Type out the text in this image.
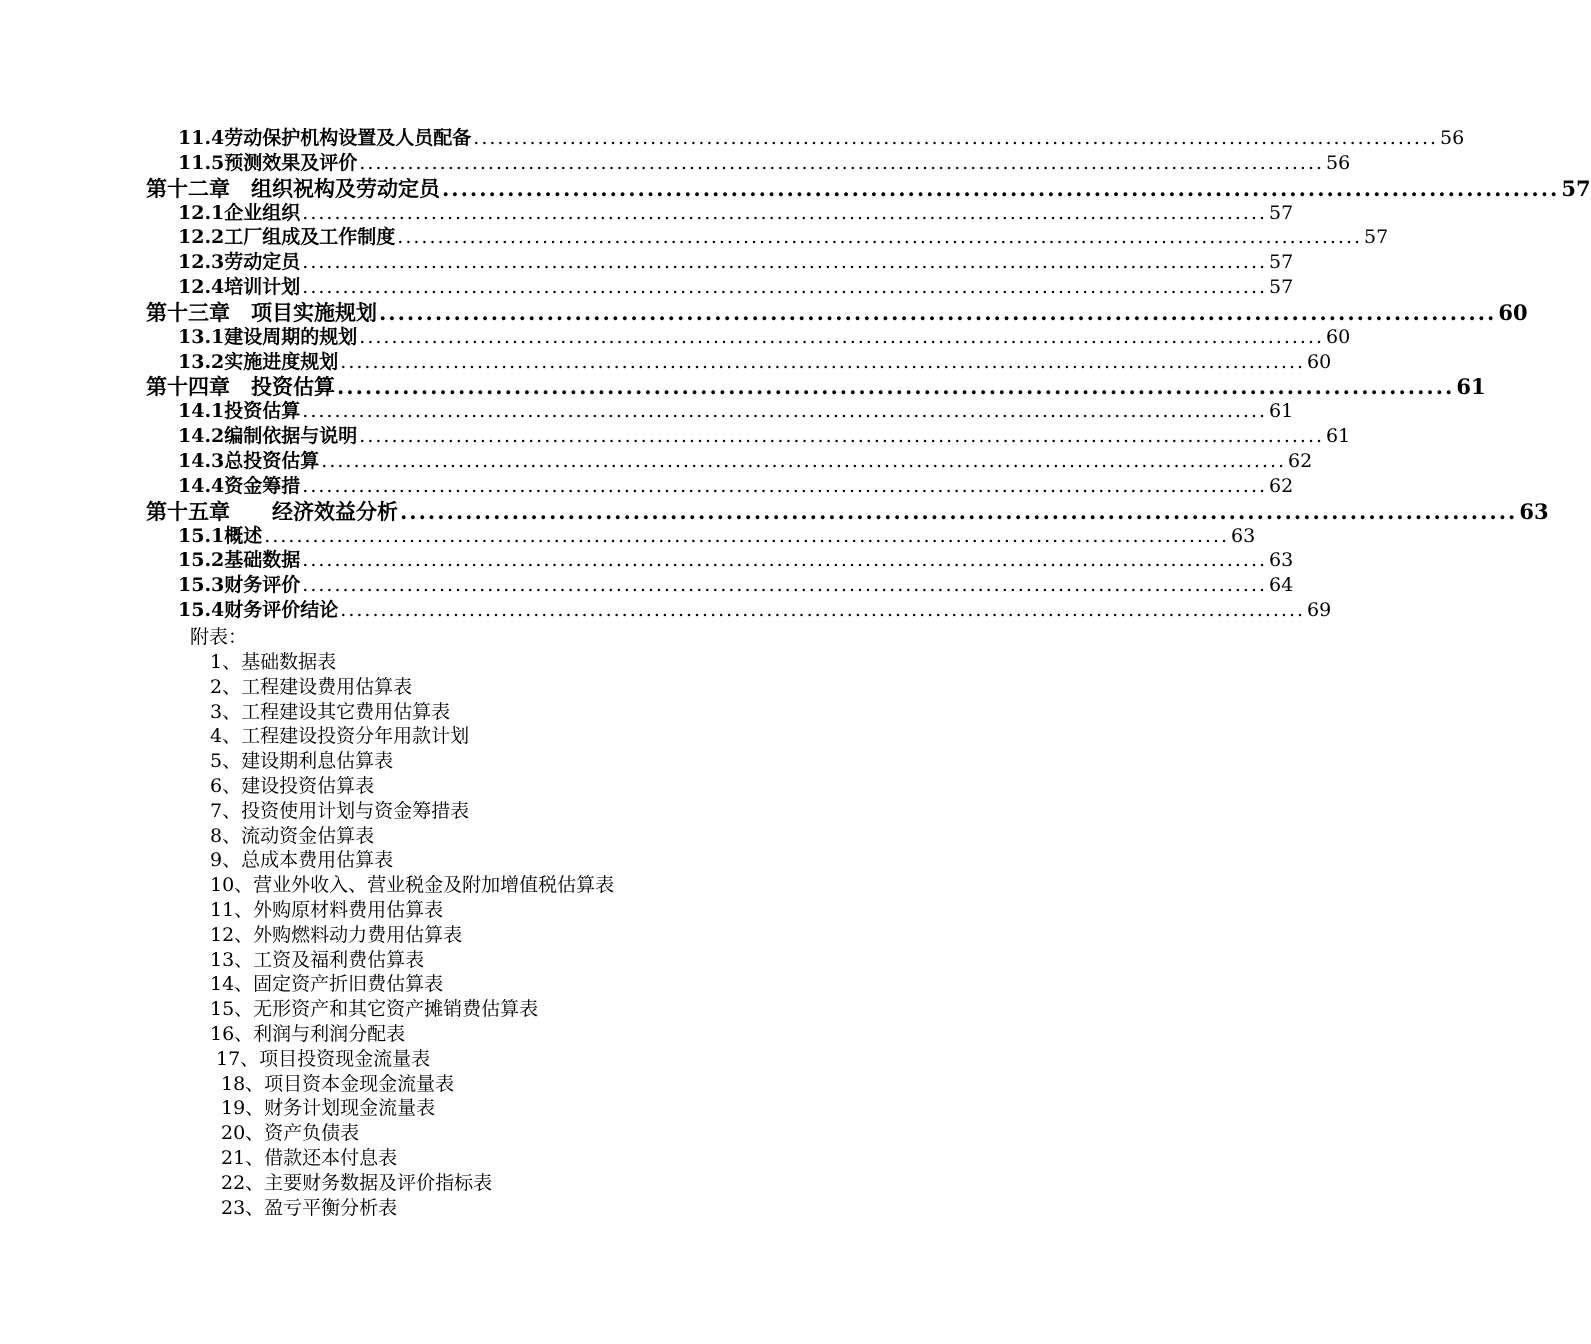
11.4劳动保护机构设置及人员配备 ........................................................................................................................ 56
11.5预测效果及评价 ........................................................................................................................ 56
第十二章　组织祝构及劳动定员 ........................................................................................................................ 57
12.1企业组织 ........................................................................................................................ 57
12.2工厂组成及工作制度 ........................................................................................................................ 57
12.3劳动定员 ........................................................................................................................ 57
12.4培训计划 ........................................................................................................................ 57
第十三章　项目实施规划 ........................................................................................................................ 60
13.1建设周期的规划 ........................................................................................................................ 60
13.2实施进度规划 ........................................................................................................................ 60
第十四章　投资估算 ........................................................................................................................ 61
14.1投资估算 ........................................................................................................................ 61
14.2编制依据与说明 ........................................................................................................................ 61
14.3总投资估算 ........................................................................................................................ 62
14.4资金筹措 ........................................................................................................................ 62
第十五章　　经济效益分析 ........................................................................................................................ 63
15.1概述 ........................................................................................................................ 63
15.2基础数据 ........................................................................................................................ 63
15.3财务评价 ........................................................................................................................ 64
15.4财务评价结论 ........................................................................................................................ 69
附表：
1、基础数据表
2、工程建设费用估算表
3、工程建设其它费用估算表
4、工程建设投资分年用款计划
5、建设期利息估算表
6、建设投资估算表
7、投资使用计划与资金筹措表
8、流动资金估算表
9、总成本费用估算表
10、营业外收入、营业税金及附加增值税估算表
11、外购原材料费用估算表
12、外购燃料动力费用估算表
13、工资及福利费估算表
14、固定资产折旧费估算表
15、无形资产和其它资产摊销费估算表
16、利润与利润分配表
17、项目投资现金流量表
18、项目资本金现金流量表
19、财务计划现金流量表
20、资产负债表
21、借款还本付息表
22、主要财务数据及评价指标表
23、盈亏平衡分析表
